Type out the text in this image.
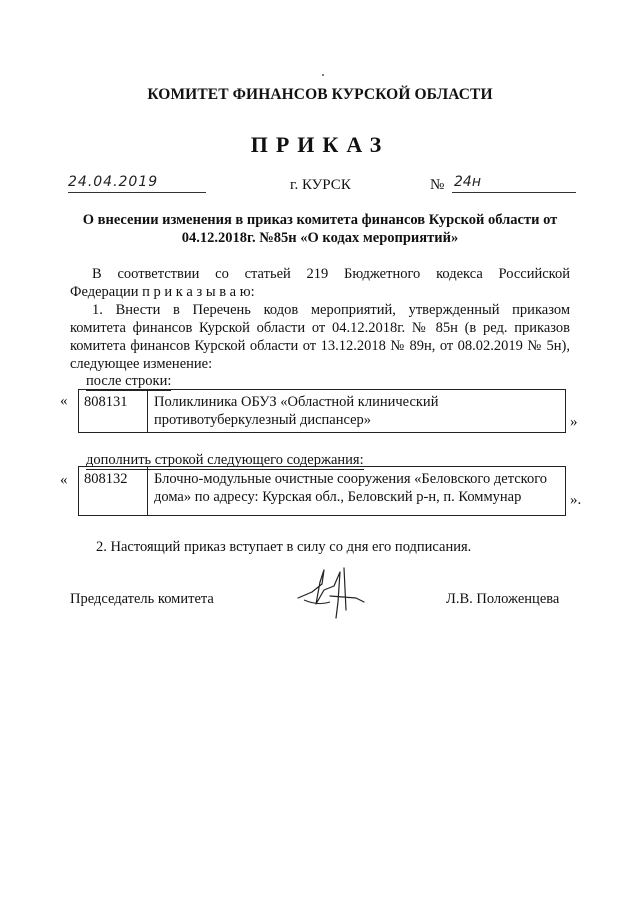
КОМИТЕТ ФИНАНСОВ КУРСКОЙ ОБЛАСТИ
ПРИКАЗ
24.04.2019	г. КУРСК	№ 24н
О внесении изменения в приказ комитета финансов Курской области от
04.12.2018г. №85н «О кодах мероприятий»
В соответствии со статьей 219 Бюджетного кодекса Российской
Федерации п р и к а з ы в а ю:
1. Внести в Перечень кодов мероприятий, утвержденный приказом
комитета финансов Курской области от 04.12.2018г. № 85н (в ред. приказов
комитета финансов Курской области от 13.12.2018 № 89н, от 08.02.2019 № 5н),
следующее изменение:
после строки:
«	808131	Поликлиника ОБУЗ «Областной клинический противотуберкулезный диспансер»	»
дополнить строкой следующего содержания:
«	808132	Блочно-модульные очистные сооружения «Беловского детского дома» по адресу: Курская обл., Беловский р-н, п. Коммунар	».
2. Настоящий приказ вступает в силу со дня его подписания.
Председатель комитета	Л.В. Положенцева
